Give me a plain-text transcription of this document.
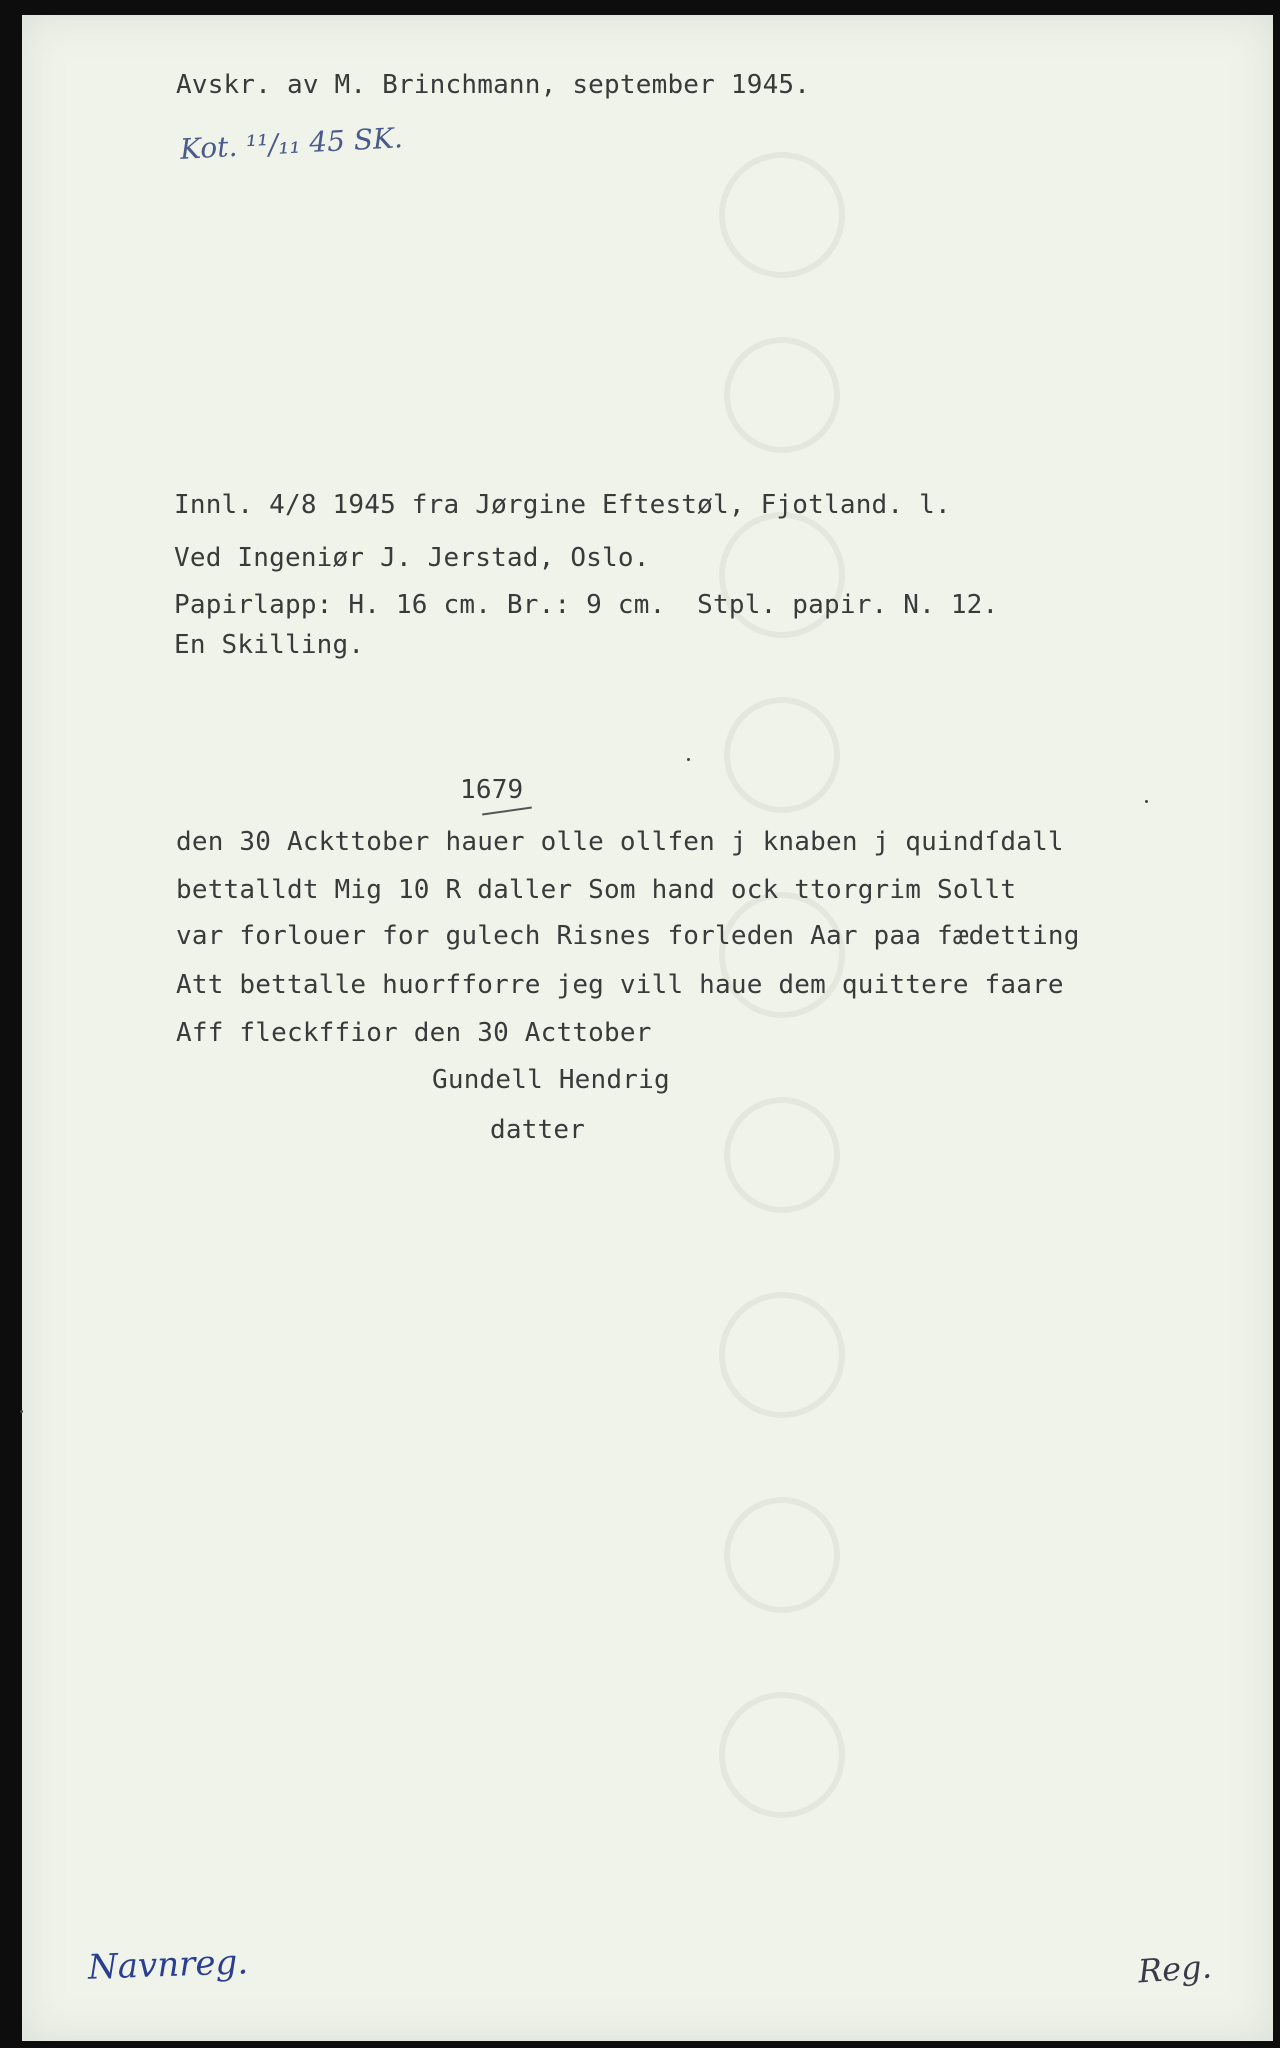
Avskr. av M. Brinchmann, september 1945.
Kot. ¹¹/₁₁ 45 SK.
Innl. 4/8 1945 fra Jørgine Eftestøl, Fjotland. l.
Ved Ingeniør J. Jerstad, Oslo.
Papirlapp: H. 16 cm. Br.: 9 cm.  Stpl. papir. N. 12.
En Skilling.
1679
den 30 Ackttober hauer olle ollfen j knaben j quindſdall
bettalldt Mig 10 R daller Som hand ock ttorgrim Sollt
var forlouer for gulech Risnes forleden Aar paa fædetting
Att bettalle huorfforre jeg vill haue dem quittere faare
Aff fleckffior den 30 Acttober
Gundell Hendrig
datter
Navnreg.	Reg.
